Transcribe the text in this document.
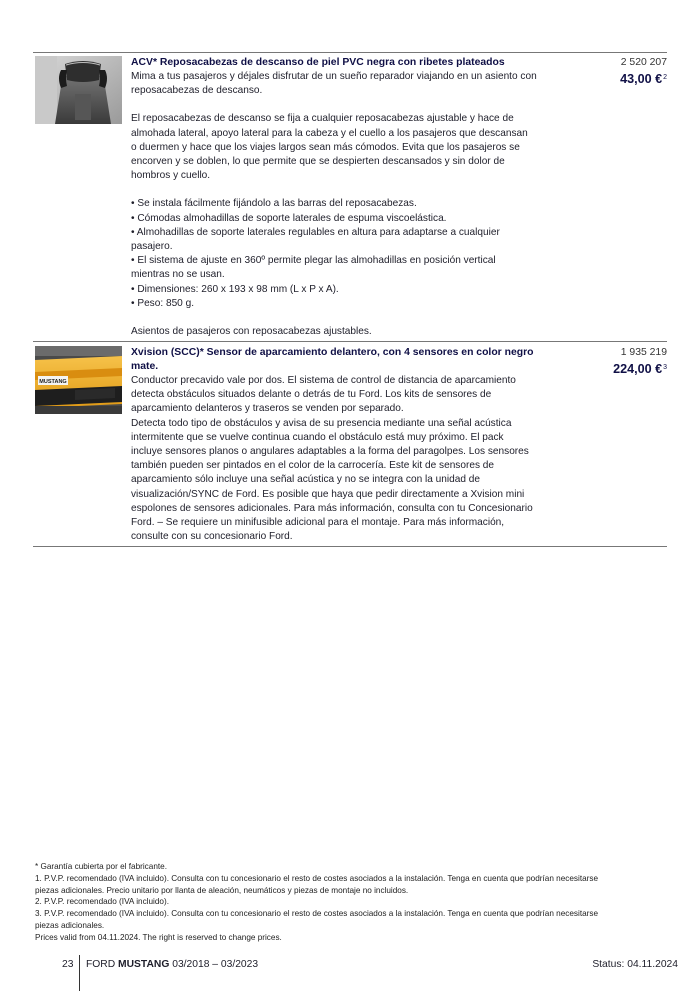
ACV* Reposacabezas de descanso de piel PVC negra con ribetes plateados

Mima a tus pasajeros y déjales disfrutar de un sueño reparador viajando en un asiento con
reposacabezas de descanso.

El reposacabezas de descanso se fija a cualquier reposacabezas ajustable y hace de
almohada lateral, apoyo lateral para la cabeza y el cuello a los pasajeros que descansan
o duermen y hace que los viajes largos sean más cómodos. Evita que los pasajeros se
encorven y se doblen, lo que permite que se despierten descansados y sin dolor de
hombros y cuello.

• Se instala fácilmente fijándolo a las barras del reposacabezas.
• Cómodas almohadillas de soporte laterales de espuma viscoelástica.
• Almohadillas de soporte laterales regulables en altura para adaptarse a cualquier
pasajero.
• El sistema de ajuste en 360º permite plegar las almohadillas en posición vertical
mientras no se usan.
• Dimensiones: 260 x 193 x 98 mm (L x P x A).
• Peso: 850 g.

Asientos de pasajeros con reposacabezas ajustables.

2 520 207
43,00 €$^2$
MUSTANG
Xvision (SCC)* Sensor de aparcamiento delantero, con 4 sensores en color negro
mate.

Conductor precavido vale por dos. El sistema de control de distancia de aparcamiento
detecta obstáculos situados delante o detrás de tu Ford. Los kits de sensores de
aparcamiento delanteros y traseros se venden por separado.
Detecta todo tipo de obstáculos y avisa de su presencia mediante una señal acústica
intermitente que se vuelve continua cuando el obstáculo está muy próximo. El pack
incluye sensores planos o angulares adaptables a la forma del paragolpes. Los sensores
también pueden ser pintados en el color de la carrocería. Este kit de sensores de
aparcamiento sólo incluye una señal acústica y no se integra con la unidad de
visualización/SYNC de Ford. Es posible que haya que pedir directamente a Xvision mini
espolones de sensores adicionales. Para más información, consulta con tu Concesionario
Ford. – Se requiere un minifusible adicional para el montaje. Para más información,
consulte con su concesionario Ford.

1 935 219
224,00 €$^3$
* Garantía cubierta por el fabricante.
1. P.V.P. recomendado (IVA incluido). Consulta con tu concesionario el resto de costes asociados a la instalación. Tenga en cuenta que podrían necesitarse
piezas adicionales. Precio unitario por llanta de aleación, neumáticos y piezas de montaje no incluidos.
2. P.V.P. recomendado (IVA incluido).
3. P.V.P. recomendado (IVA incluido). Consulta con tu concesionario el resto de costes asociados a la instalación. Tenga en cuenta que podrían necesitarse
piezas adicionales.
Prices valid from 04.11.2024. The right is reserved to change prices.
23 FORD MUSTANG 03/2018 – 03/2023	Status: 04.11.2024
